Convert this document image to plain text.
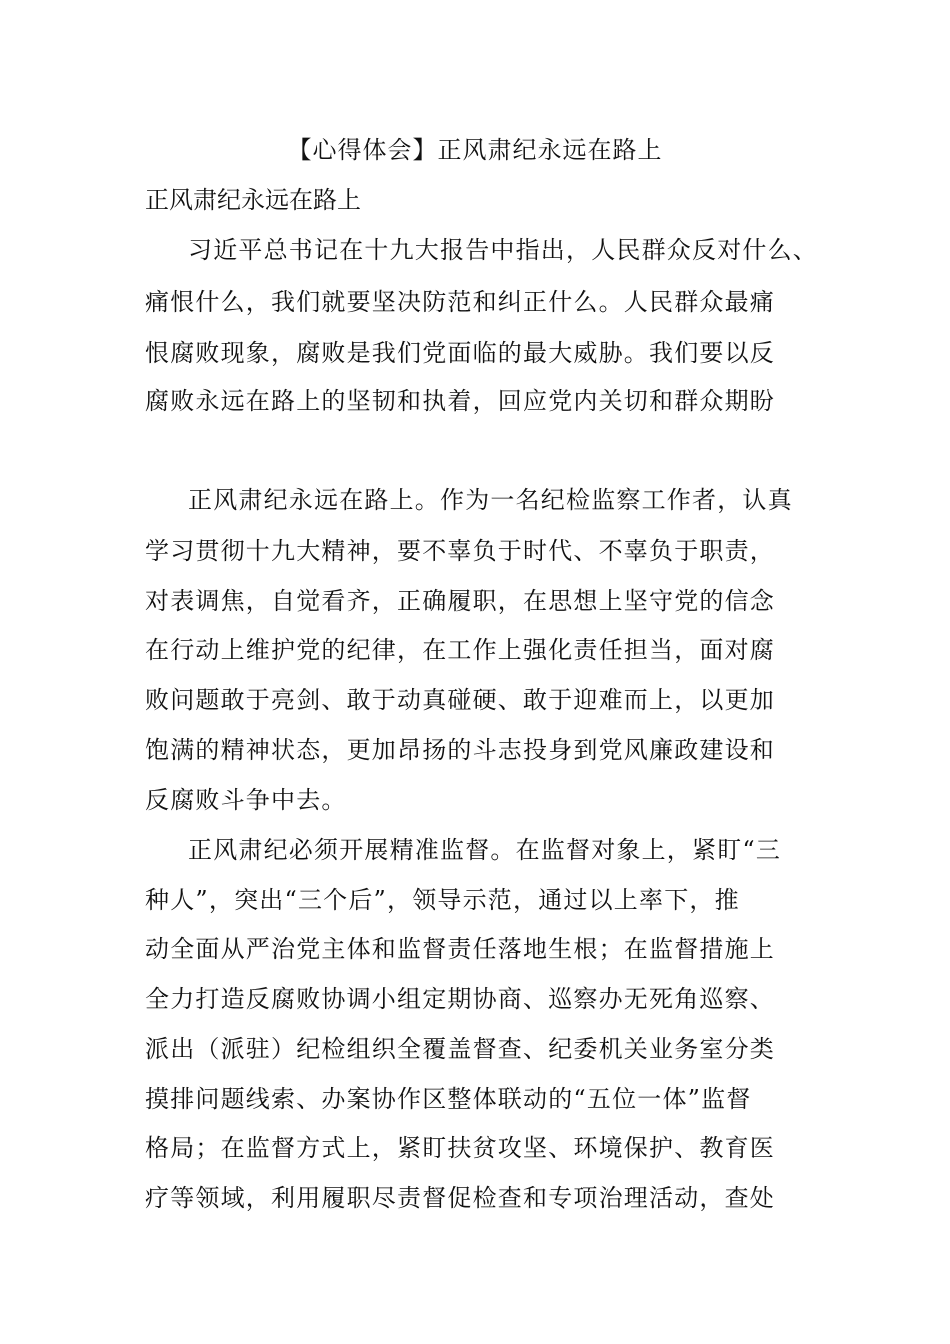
【心得体会】正风肃纪永远在路上
正风肃纪永远在路上
习近平总书记在十九大报告中指出，人民群众反对什么、
痛恨什么，我们就要坚决防范和纠正什么。人民群众最痛
恨腐败现象，腐败是我们党面临的最大威胁。我们要以反
腐败永远在路上的坚韧和执着，回应党内关切和群众期盼
正风肃纪永远在路上。作为一名纪检监察工作者，认真
学习贯彻十九大精神，要不辜负于时代、不辜负于职责，
对表调焦，自觉看齐，正确履职，在思想上坚守党的信念
在行动上维护党的纪律，在工作上强化责任担当，面对腐
败问题敢于亮剑、敢于动真碰硬、敢于迎难而上，以更加
饱满的精神状态，更加昂扬的斗志投身到党风廉政建设和
反腐败斗争中去。
正风肃纪必须开展精准监督。在监督对象上，紧盯“三
种人”，突出“三个后”，领导示范，通过以上率下，推
动全面从严治党主体和监督责任落地生根；在监督措施上
全力打造反腐败协调小组定期协商、巡察办无死角巡察、
派出（派驻）纪检组织全覆盖督查、纪委机关业务室分类
摸排问题线索、办案协作区整体联动的“五位一体”监督
格局；在监督方式上，紧盯扶贫攻坚、环境保护、教育医
疗等领域，利用履职尽责督促检查和专项治理活动，查处
